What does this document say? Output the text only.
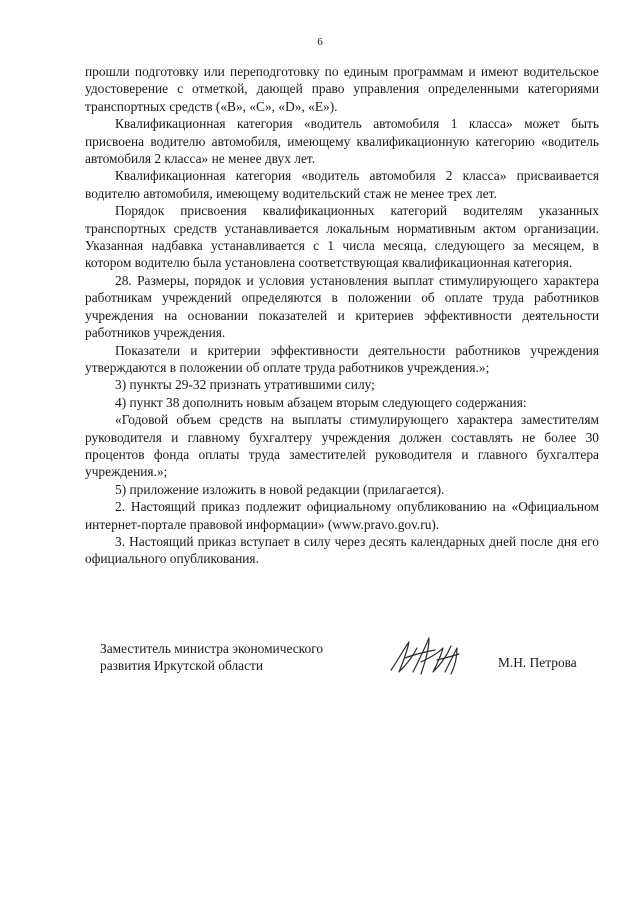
6

прошли подготовку или переподготовку по единым программам и имеют водительское удостоверение с отметкой, дающей право управления определенными категориями транспортных средств («B», «C», «D», «E»).

Квалификационная категория «водитель автомобиля 1 класса» может быть присвоена водителю автомобиля, имеющему квалификационную категорию «водитель автомобиля 2 класса» не менее двух лет.

Квалификационная категория «водитель автомобиля 2 класса» присваивается водителю автомобиля, имеющему водительский стаж не менее трех лет.

Порядок присвоения квалификационных категорий водителям указанных транспортных средств устанавливается локальным нормативным актом организации. Указанная надбавка устанавливается с 1 числа месяца, следующего за месяцем, в котором водителю была установлена соответствующая квалификационная категория.

28. Размеры, порядок и условия установления выплат стимулирующего характера работникам учреждений определяются в положении об оплате труда работников учреждения на основании показателей и критериев эффективности деятельности работников учреждения.

Показатели и критерии эффективности деятельности работников учреждения утверждаются в положении об оплате труда работников учреждения.»;

3) пункты 29-32 признать утратившими силу;

4) пункт 38 дополнить новым абзацем вторым следующего содержания:

«Годовой объем средств на выплаты стимулирующего характера заместителям руководителя и главному бухгалтеру учреждения должен составлять не более 30 процентов фонда оплаты труда заместителей руководителя и главного бухгалтера учреждения.»;

5) приложение изложить в новой редакции (прилагается).

2. Настоящий приказ подлежит официальному опубликованию на «Официальном интернет-портале правовой информации» (www.pravo.gov.ru).

3. Настоящий приказ вступает в силу через десять календарных дней после дня его официального опубликования.

Заместитель министра экономического
развития Иркутской области	М.Н. Петрова
